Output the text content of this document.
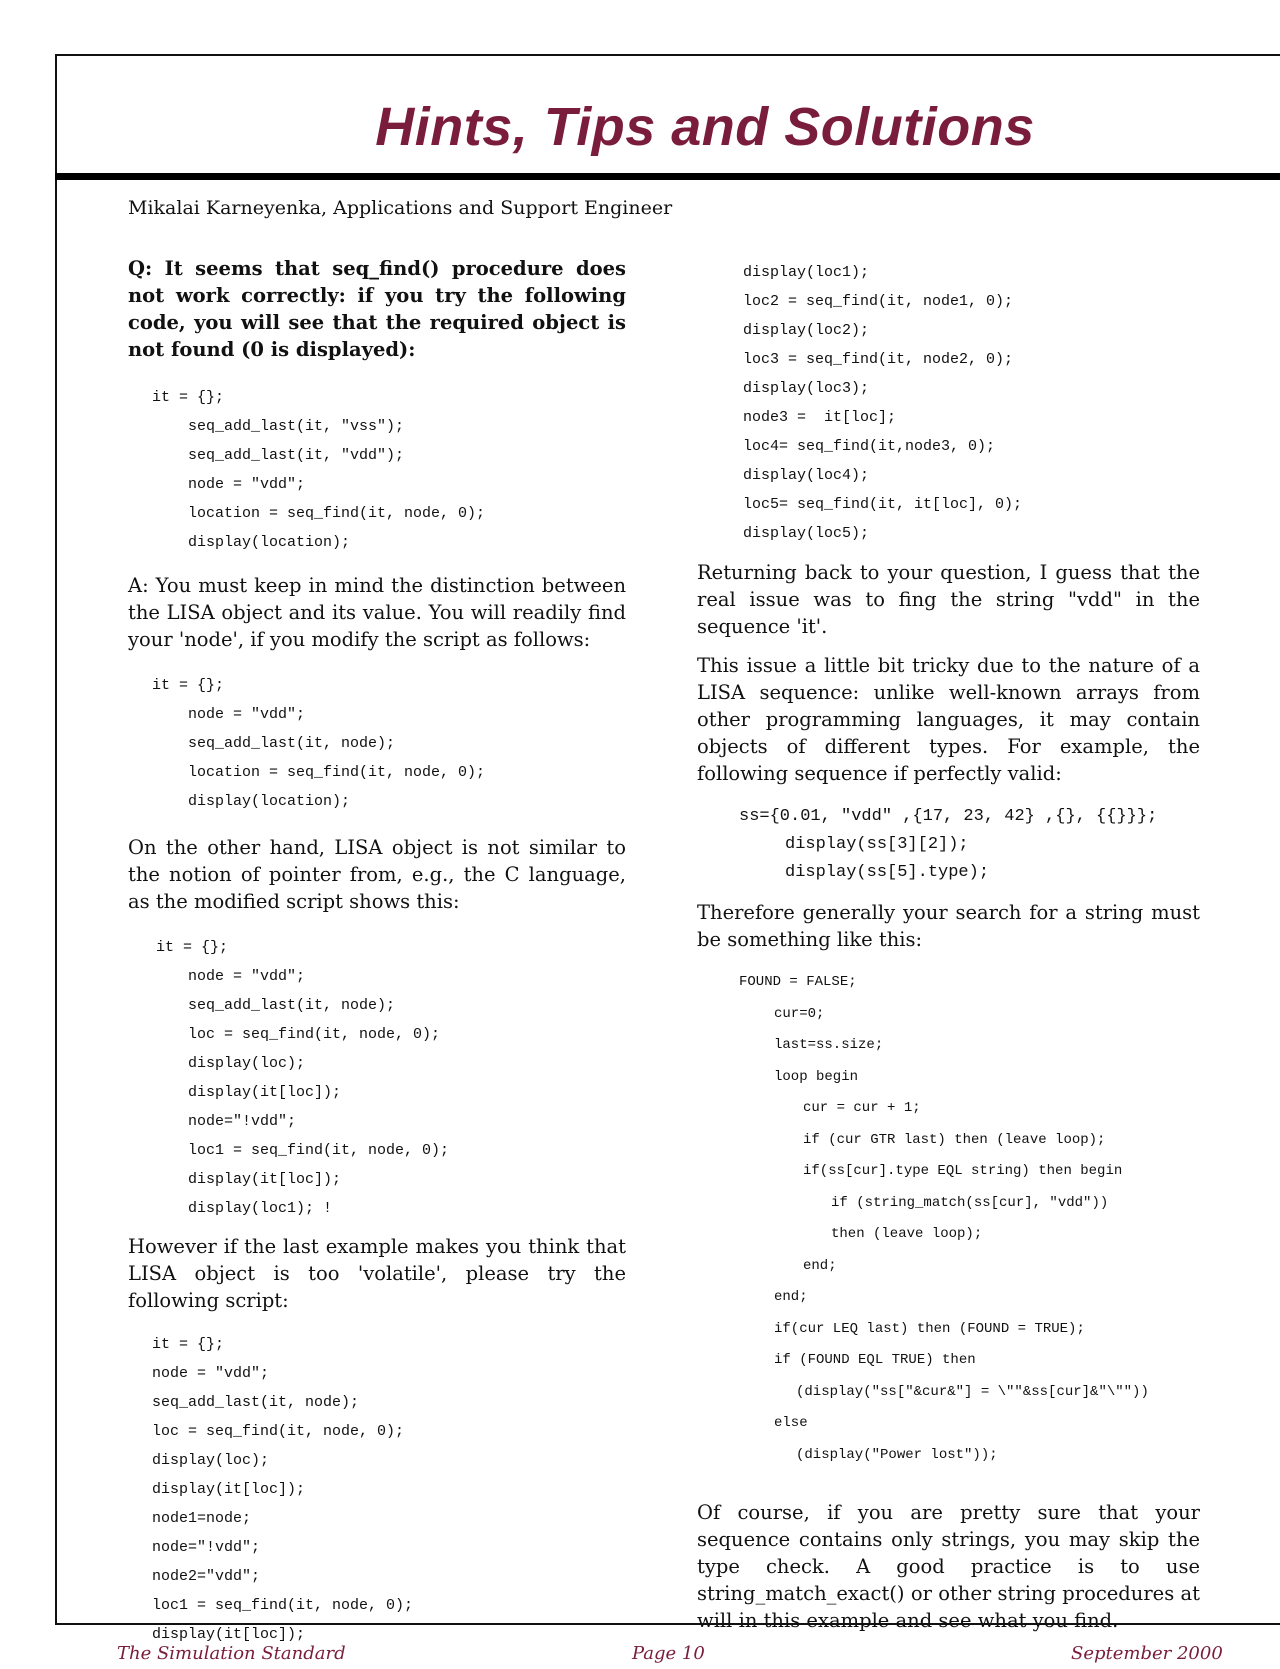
Hints, Tips and Solutions
Mikalai Karneyenka, Applications and Support Engineer

Q: It seems that seq_find() procedure does not work correctly: if you try the following code, you will see that the required object is not found (0 is displayed):

it = {};
seq_add_last(it, "vss");
seq_add_last(it, "vdd");
node = "vdd";
location = seq_find(it, node, 0);
display(location);

A: You must keep in mind the distinction between the LISA object and its value. You will readily find your 'node', if you modify the script as follows:

it = {};
node = "vdd";
seq_add_last(it, node);
location = seq_find(it, node, 0);
display(location);

On the other hand, LISA object is not similar to the notion of pointer from, e.g., the C language, as the modified script shows this:

it = {};
node = "vdd";
seq_add_last(it, node);
loc = seq_find(it, node, 0);
display(loc);
display(it[loc]);
node="!vdd";
loc1 = seq_find(it, node, 0);
display(it[loc]);
display(loc1); !

However if the last example makes you think that LISA object is too 'volatile', please try the following script:

it = {};
node = "vdd";
seq_add_last(it, node);
loc = seq_find(it, node, 0);
display(loc);
display(it[loc]);
node1=node;
node="!vdd";
node2="vdd";
loc1 = seq_find(it, node, 0);
display(it[loc]);
display(loc1);
loc2 = seq_find(it, node1, 0);
display(loc2);
loc3 = seq_find(it, node2, 0);
display(loc3);
node3 =  it[loc];
loc4= seq_find(it,node3, 0);
display(loc4);
loc5= seq_find(it, it[loc], 0);
display(loc5);

Returning back to your question, I guess that the real issue was to fing the string "vdd" in the sequence 'it'.

This issue a little bit tricky due to the nature of a LISA sequence: unlike well-known arrays from other programming languages, it may contain objects of different types. For example, the following sequence if perfectly valid:

ss={0.01, "vdd" ,{17, 23, 42} ,{}, {{}}};
display(ss[3][2]);
display(ss[5].type);

Therefore generally your search for a string must be something like this:

FOUND = FALSE;
cur=0;
last=ss.size;
loop begin
cur = cur + 1;
if (cur GTR last) then (leave loop);
if(ss[cur].type EQL string) then begin
if (string_match(ss[cur], "vdd"))
then (leave loop);
end;
end;
if(cur LEQ last) then (FOUND = TRUE);
if (FOUND EQL TRUE) then
(display("ss["&cur&"] = \""&ss[cur]&"\""))
else
(display("Power lost"));

Of course, if you are pretty sure that your sequence contains only strings, you may skip the type check. A good practice is to use string_match_exact() or other string procedures at will in this example and see what you find.

The Simulation Standard	Page 10	September 2000
